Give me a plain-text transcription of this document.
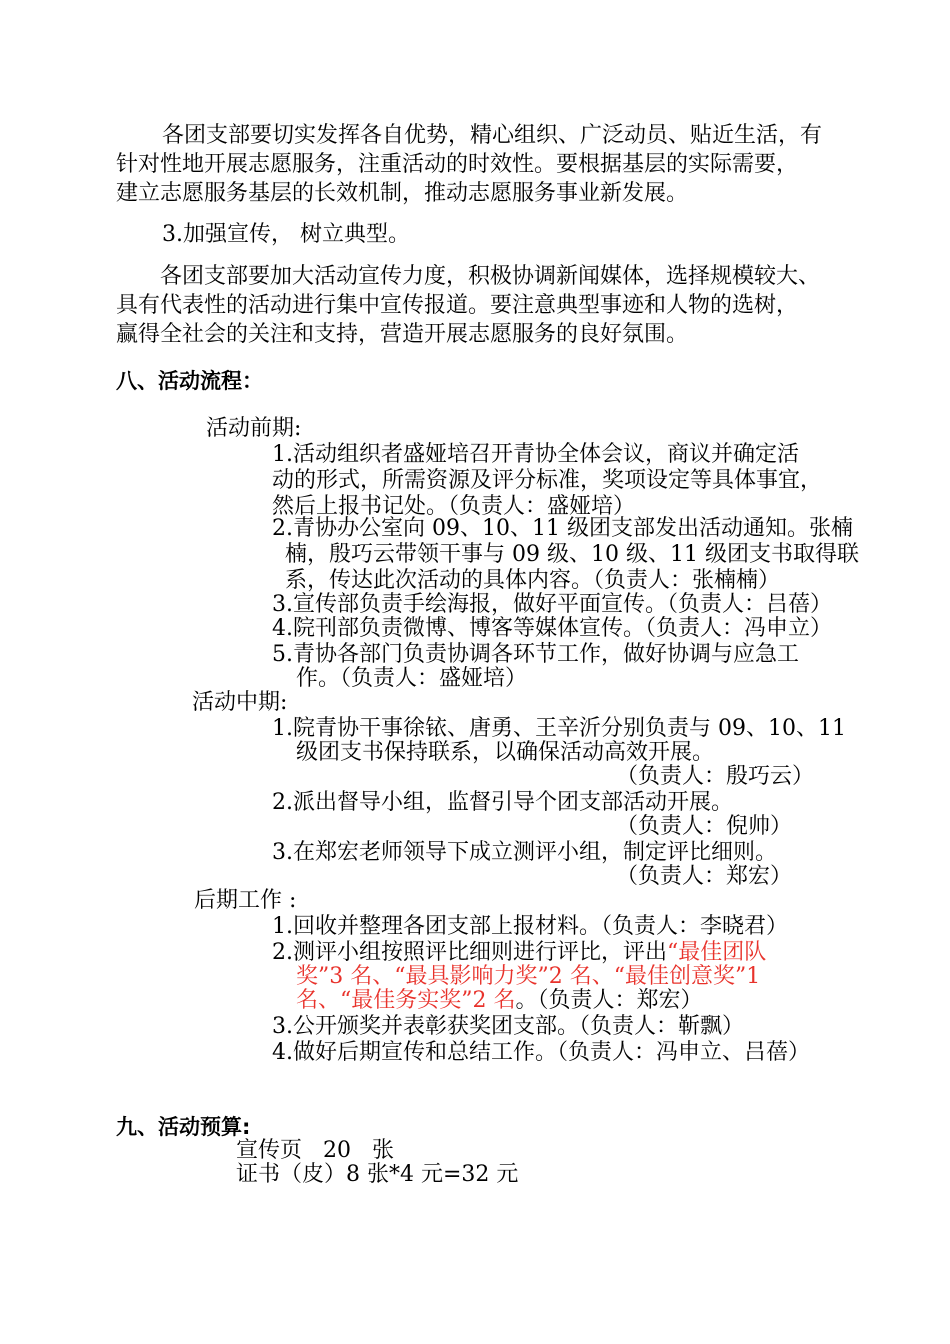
各团支部要切实发挥各自优势，精心组织、广泛动员、贴近生活，有

针对性地开展志愿服务，注重活动的时效性。要根据基层的实际需要，

建立志愿服务基层的长效机制，推动志愿服务事业新发展。

3.加强宣传， 树立典型。

各团支部要加大活动宣传力度，积极协调新闻媒体，选择规模较大、

具有代表性的活动进行集中宣传报道。要注意典型事迹和人物的选树，

赢得全社会的关注和支持，营造开展志愿服务的良好氛围。

八、活动流程：

活动前期:

1.活动组织者盛娅培召开青协全体会议，商议并确定活

动的形式，所需资源及评分标准，奖项设定等具体事宜，

然后上报书记处。（负责人：盛娅培）

2.青协办公室向 09、10、11 级团支部发出活动通知。张楠

楠，殷巧云带领干事与 09 级、10 级、11 级团支书取得联

系，传达此次活动的具体内容。（负责人：张楠楠）

3.宣传部负责手绘海报，做好平面宣传。（负责人：吕蓓）

4.院刊部负责微博、博客等媒体宣传。（负责人：冯申立）

5.青协各部门负责协调各环节工作，做好协调与应急工

作。（负责人：盛娅培）

活动中期:

1.院青协干事徐铱、唐勇、王辛沂分别负责与 09、10、11

级团支书保持联系，以确保活动高效开展。

（负责人：殷巧云）

2.派出督导小组，监督引导个团支部活动开展。

（负责人：倪帅）

3.在郑宏老师领导下成立测评小组，制定评比细则。

（负责人：郑宏）

后期工作 :

1.回收并整理各团支部上报材料。（负责人：李晓君）

2.测评小组按照评比细则进行评比，评出“最佳团队

奖”3 名、“最具影响力奖”2 名、“最佳创意奖”1

名、“最佳务实奖”2 名。（负责人：郑宏）

3.公开颁奖并表彰获奖团支部。（负责人：靳飘）

4.做好后期宣传和总结工作。（负责人：冯申立、吕蓓）

九、活动预算:

宣传页 20 张

证书（皮）8 张*4 元=32 元
